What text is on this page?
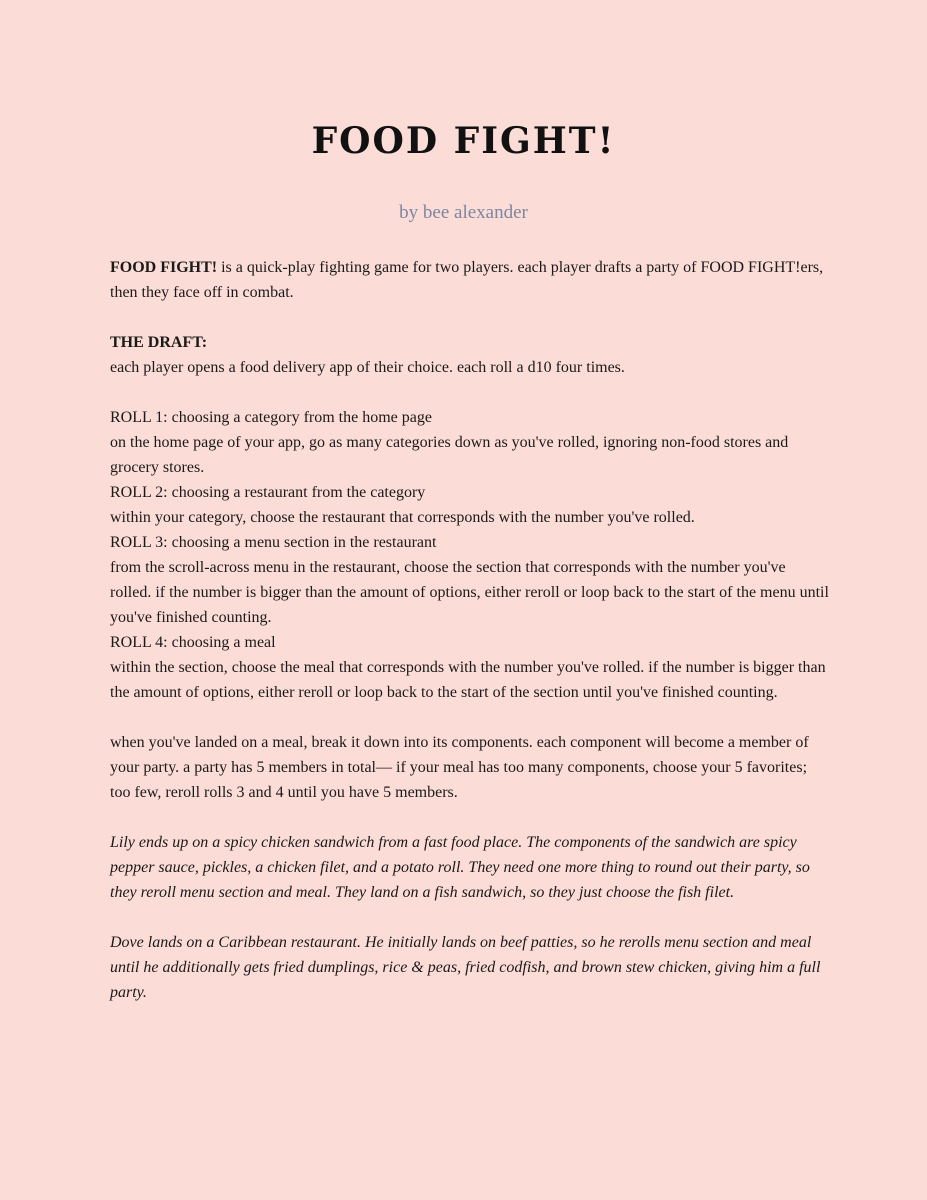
FOOD FIGHT!
by bee alexander

FOOD FIGHT! is a quick-play fighting game for two players. each player drafts a party of FOOD FIGHT!ers, then they face off in combat.

THE DRAFT:

each player opens a food delivery app of their choice. each roll a d10 four times.

ROLL 1: choosing a category from the home page

on the home page of your app, go as many categories down as you've rolled, ignoring non-food stores and grocery stores.

ROLL 2: choosing a restaurant from the category

within your category, choose the restaurant that corresponds with the number you've rolled.

ROLL 3: choosing a menu section in the restaurant

from the scroll-across menu in the restaurant, choose the section that corresponds with the number you've rolled. if the number is bigger than the amount of options, either reroll or loop back to the start of the menu until you've finished counting.

ROLL 4: choosing a meal

within the section, choose the meal that corresponds with the number you've rolled. if the number is bigger than the amount of options, either reroll or loop back to the start of the section until you've finished counting.

when you've landed on a meal, break it down into its components. each component will become a member of your party. a party has 5 members in total— if your meal has too many components, choose your 5 favorites; too few, reroll rolls 3 and 4 until you have 5 members.

Lily ends up on a spicy chicken sandwich from a fast food place. The components of the sandwich are spicy pepper sauce, pickles, a chicken filet, and a potato roll. They need one more thing to round out their party, so they reroll menu section and meal. They land on a fish sandwich, so they just choose the fish filet.

Dove lands on a Caribbean restaurant. He initially lands on beef patties, so he rerolls menu section and meal until he additionally gets fried dumplings, rice & peas, fried codfish, and brown stew chicken, giving him a full party.
